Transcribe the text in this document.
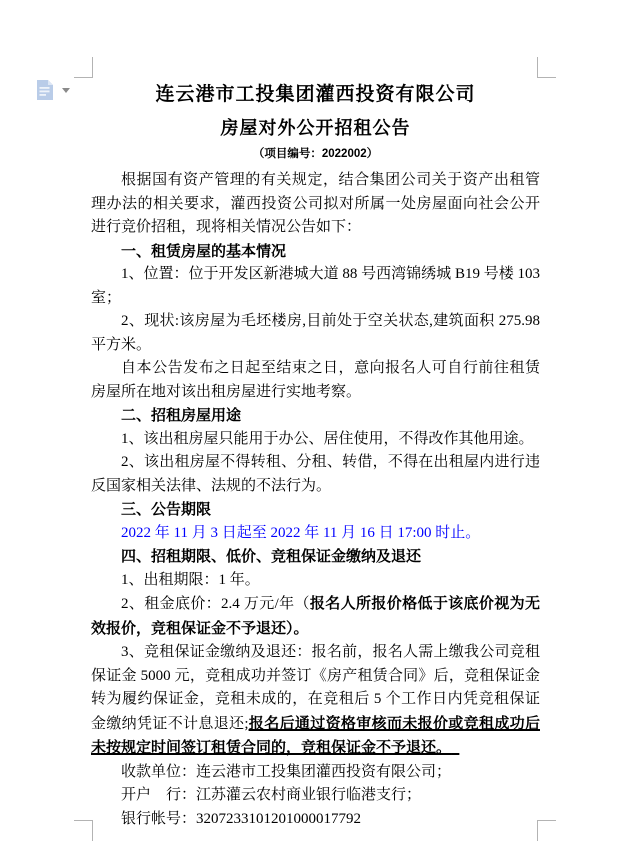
连云港市工投集团灌西投资有限公司
房屋对外公开招租公告
（项目编号：2022002）

根据国有资产管理的有关规定，结合集团公司关于资产出租管理办法的相关要求，灌西投资公司拟对所属一处房屋面向社会公开进行竞价招租，现将相关情况公告如下：

一、租赁房屋的基本情况

1、位置：位于开发区新港城大道 88 号西湾锦绣城 B19 号楼 103 室；

2、现状:该房屋为毛坯楼房,目前处于空关状态,建筑面积 275.98 平方米。

自本公告发布之日起至结束之日，意向报名人可自行前往租赁房屋所在地对该出租房屋进行实地考察。

二、招租房屋用途

1、该出租房屋只能用于办公、居住使用，不得改作其他用途。

2、该出租房屋不得转租、分租、转借，不得在出租屋内进行违反国家相关法律、法规的不法行为。

三、公告期限

2022 年 11 月 3 日起至 2022 年 11 月 16 日 17:00 时止。

四、招租期限、低价、竞租保证金缴纳及退还

1、出租期限：1 年。

2、租金底价：2.4 万元/年（报名人所报价格低于该底价视为无效报价，竞租保证金不予退还）。

3、竞租保证金缴纳及退还：报名前，报名人需上缴我公司竞租保证金 5000 元，竞租成功并签订《房产租赁合同》后，竞租保证金转为履约保证金，竞租未成的，在竞租后 5 个工作日内凭竞租保证金缴纳凭证不计息退还;报名后通过资格审核而未报价或竞租成功后未按规定时间签订租赁合同的，竞租保证金不予退还。

收款单位：连云港市工投集团灌西投资有限公司；

开户　行：江苏灌云农村商业银行临港支行；

银行帐号：3207233101201000017792
